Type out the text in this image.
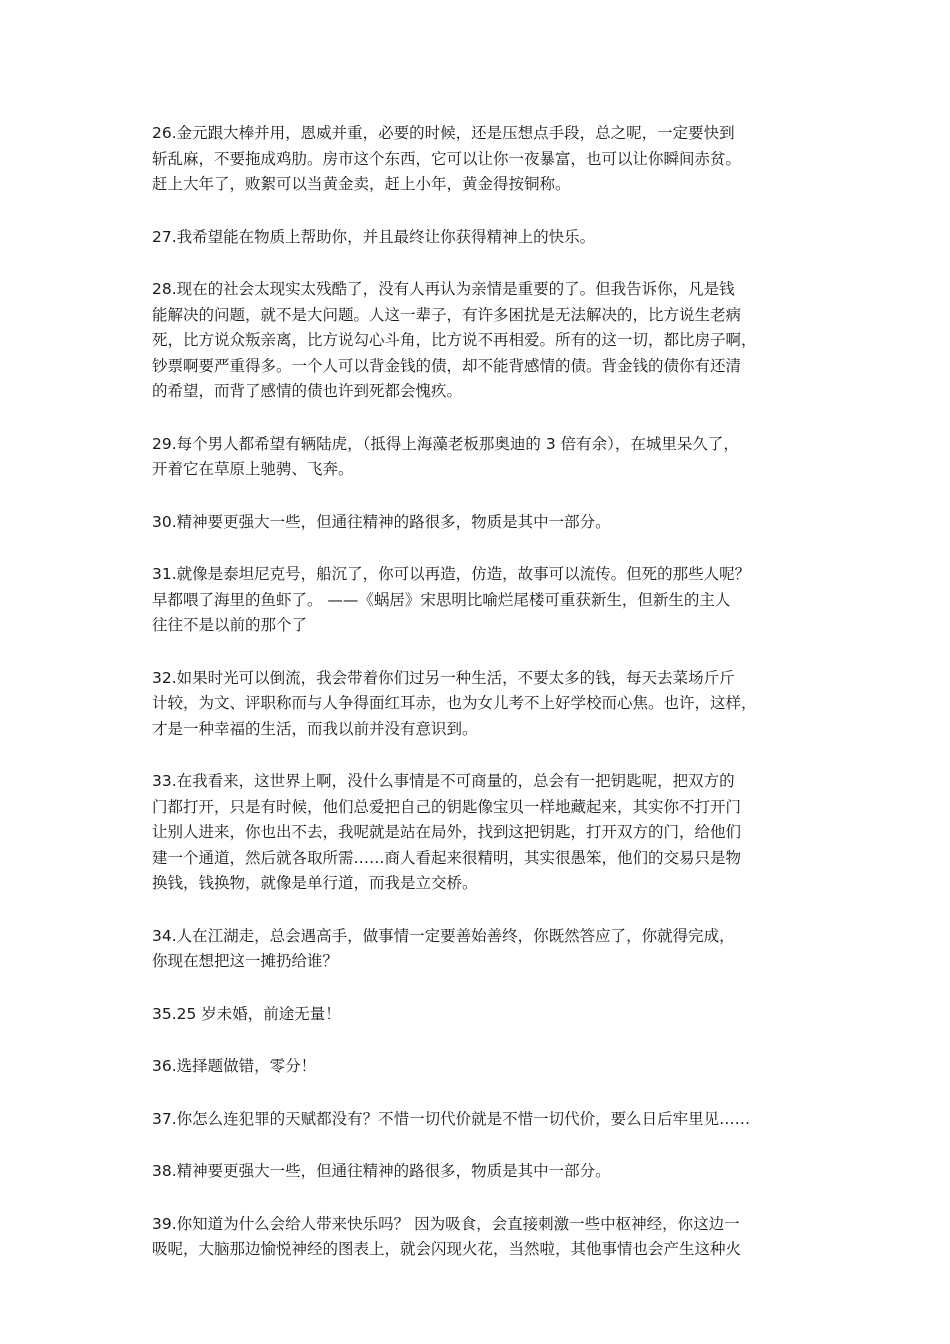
26.金元跟大棒并用，恩威并重，必要的时候，还是压想点手段，总之呢，一定要快到
斩乱麻，不要拖成鸡肋。房市这个东西，它可以让你一夜暴富，也可以让你瞬间赤贫。
赶上大年了，败絮可以当黄金卖，赶上小年，黄金得按铜称。

27.我希望能在物质上帮助你，并且最终让你获得精神上的快乐。

28.现在的社会太现实太残酷了，没有人再认为亲情是重要的了。但我告诉你，凡是钱
能解决的问题，就不是大问题。人这一辈子，有许多困扰是无法解决的，比方说生老病
死，比方说众叛亲离，比方说勾心斗角，比方说不再相爱。所有的这一切，都比房子啊，
钞票啊要严重得多。一个人可以背金钱的债，却不能背感情的债。背金钱的债你有还清
的希望，而背了感情的债也许到死都会愧疚。

29.每个男人都希望有辆陆虎，（抵得上海藻老板那奥迪的 3 倍有余），在城里呆久了，
开着它在草原上驰骋、飞奔。

30.精神要更强大一些，但通往精神的路很多，物质是其中一部分。

31.就像是泰坦尼克号，船沉了，你可以再造，仿造，故事可以流传。但死的那些人呢？
早都喂了海里的鱼虾了。 ——《蜗居》宋思明比喻烂尾楼可重获新生，但新生的主人
往往不是以前的那个了

32.如果时光可以倒流，我会带着你们过另一种生活，不要太多的钱，每天去菜场斤斤
计较，为文、评职称而与人争得面红耳赤，也为女儿考不上好学校而心焦。也许，这样，
才是一种幸福的生活，而我以前并没有意识到。

33.在我看来，这世界上啊，没什么事情是不可商量的，总会有一把钥匙呢，把双方的
门都打开，只是有时候，他们总爱把自己的钥匙像宝贝一样地藏起来，其实你不打开门
让别人进来，你也出不去，我呢就是站在局外，找到这把钥匙，打开双方的门，给他们
建一个通道，然后就各取所需……商人看起来很精明，其实很愚笨，他们的交易只是物
换钱，钱换物，就像是单行道，而我是立交桥。

34.人在江湖走，总会遇高手，做事情一定要善始善终，你既然答应了，你就得完成，
你现在想把这一摊扔给谁？

35.25 岁未婚，前途无量！

36.选择题做错，零分！

37.你怎么连犯罪的天赋都没有？不惜一切代价就是不惜一切代价，要么日后牢里见……

38.精神要更强大一些，但通往精神的路很多，物质是其中一部分。

39.你知道为什么会给人带来快乐吗？ 因为吸食，会直接刺激一些中枢神经，你这边一
吸呢，大脑那边愉悦神经的图表上，就会闪现火花，当然啦，其他事情也会产生这种火
